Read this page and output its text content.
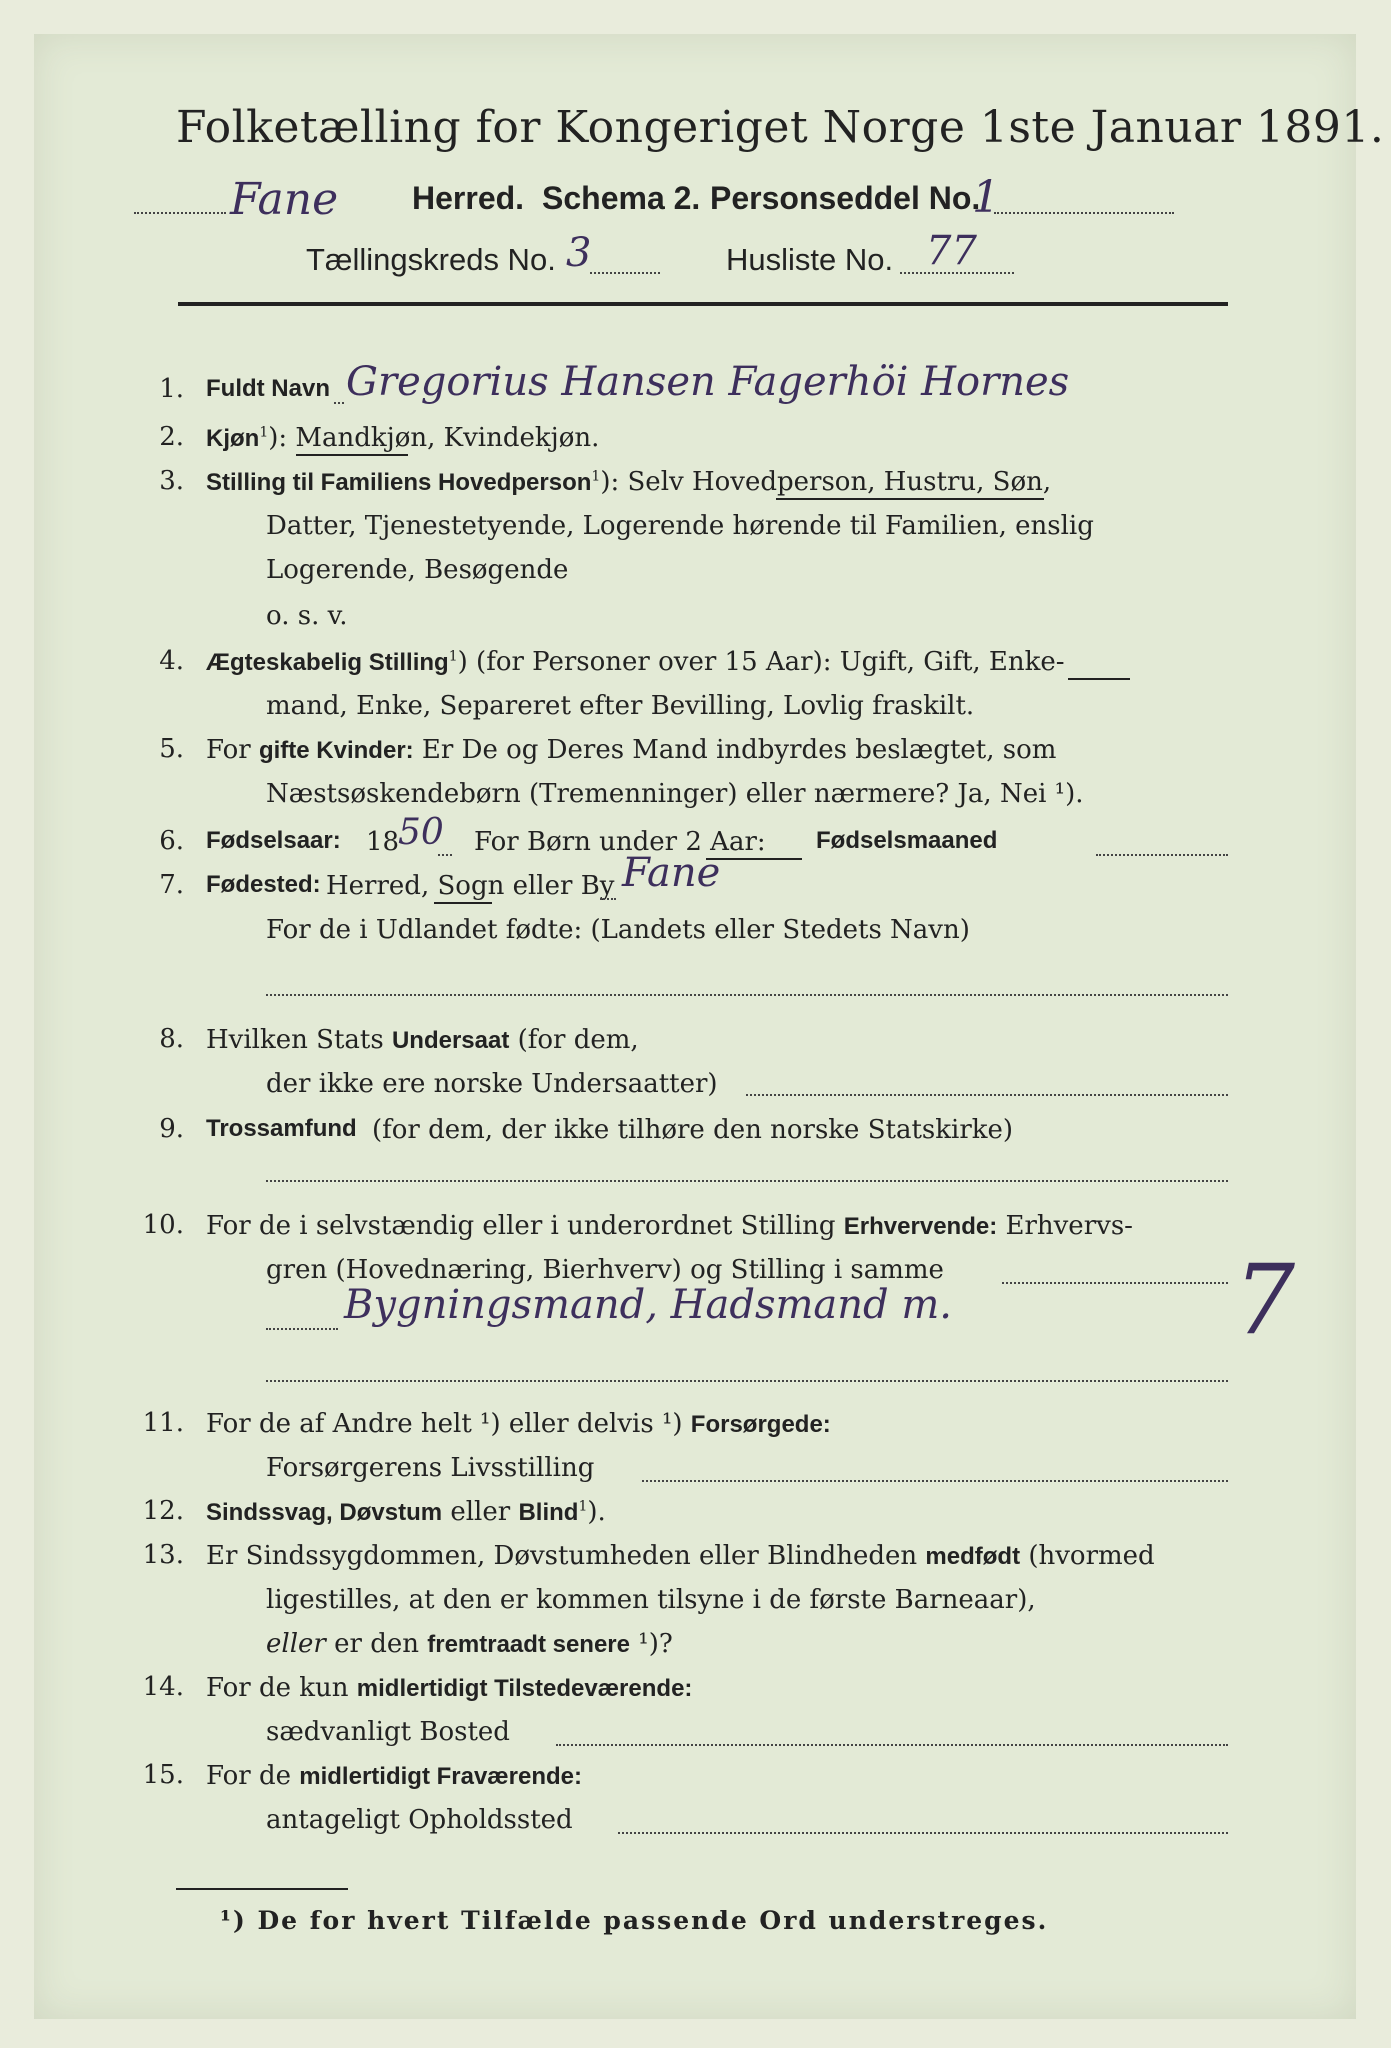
Folketælling for Kongeriget Norge 1ste Januar 1891.
Fane Herred. Schema 2. Personseddel No.
1
Tællingskreds No. 3	Husliste No. 77
1. Fuldt Navn Gregorius Hansen Fagerhöi Hornes
2. Kjøn$^1$): Mandkjøn, Kvindekjøn.
3. Stilling til Familiens Hovedperson$^1$): Selv Hovedperson, Hustru, Søn,
Datter, Tjenestetyende, Logerende hørende til Familien, enslig
Logerende, Besøgende
o. s. v.
4. Ægteskabelig Stilling$^1$) (for Personer over 15 Aar): Ugift, Gift, Enke-
mand, Enke, Separeret efter Bevilling, Lovlig fraskilt.
5. For gifte Kvinder: Er De og Deres Mand indbyrdes beslægtet, som
Næstsøskendebørn (Tremenninger) eller nærmere? Ja, Nei ¹).
6. Fødselsaar: 18
50 For Børn under 2 Aar: Fødselsmaaned
7. Fødested: Herred, Sogn eller By Fane
For de i Udlandet fødte: (Landets eller Stedets Navn)
8. Hvilken Stats Undersaat (for dem,
der ikke ere norske Undersaatter)
9. Trossamfund (for dem, der ikke tilhøre den norske Statskirke)
10. For de i selvstændig eller i underordnet Stilling Erhvervende: Erhvervs-
gren (Hovednæring, Bierhverv) og Stilling i samme
Bygningsmand, Hadsmand m.	7
11. For de af Andre helt ¹) eller delvis ¹) Forsørgede:
Forsørgerens Livsstilling
12. Sindssvag, Døvstum eller Blind$^1$).
13. Er Sindssygdommen, Døvstumheden eller Blindheden medfødt (hvormed
ligestilles, at den er kommen tilsyne i de første Barneaar),
eller er den fremtraadt senere ¹)?
14. For de kun midlertidigt Tilstedeværende:
sædvanligt Bosted
15. For de midlertidigt Fraværende:
antageligt Opholdssted
¹) De for hvert Tilfælde passende Ord understreges.
